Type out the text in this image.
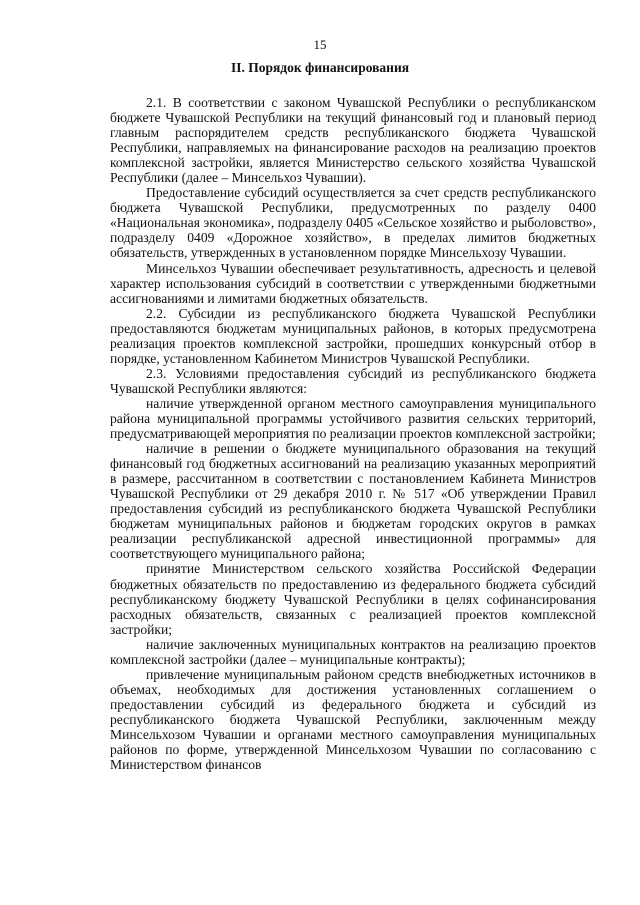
15
II. Порядок финансирования

2.1. В соответствии с законом Чувашской Республики о республиканском бюджете Чувашской Республики на текущий финансовый год и плановый период главным распорядителем средств республиканского бюджета Чувашской Республики, направляемых на финансирование расходов на реализацию проектов комплексной застройки, является Министерство сельского хозяйства Чувашской Республики (далее – Минсельхоз Чувашии).

Предоставление субсидий осуществляется за счет средств республиканского бюджета Чувашской Республики, предусмотренных по разделу 0400 «Национальная экономика», подразделу 0405 «Сельское хозяйство и рыболовство», подразделу 0409 «Дорожное хозяйство», в пределах лимитов бюджетных обязательств, утвержденных в установленном порядке Минсельхозу Чувашии.

Минсельхоз Чувашии обеспечивает результативность, адресность и целевой характер использования субсидий в соответствии с утвержденными бюджетными ассигнованиями и лимитами бюджетных обязательств.

2.2. Субсидии из республиканского бюджета Чувашской Республики предоставляются бюджетам муниципальных районов, в которых предусмотрена реализация проектов комплексной застройки, прошедших конкурсный отбор в порядке, установленном Кабинетом Министров Чувашской Республики.

2.3. Условиями предоставления субсидий из республиканского бюджета Чувашской Республики являются:

наличие утвержденной органом местного самоуправления муниципального района муниципальной программы устойчивого развития сельских территорий, предусматривающей мероприятия по реализации проектов комплексной застройки;

наличие в решении о бюджете муниципального образования на текущий финансовый год бюджетных ассигнований на реализацию указанных мероприятий в размере, рассчитанном в соответствии с постановлением Кабинета Министров Чувашской Республики от 29 декабря 2010 г. № 517 «Об утверждении Правил предоставления субсидий из республиканского бюджета Чувашской Республики бюджетам муниципальных районов и бюджетам городских округов в рамках реализации республиканской адресной инвестиционной программы» для соответствующего муниципального района;

принятие Министерством сельского хозяйства Российской Федерации бюджетных обязательств по предоставлению из федерального бюджета субсидий республиканскому бюджету Чувашской Республики в целях софинансирования расходных обязательств, связанных с реализацией проектов комплексной застройки;

наличие заключенных муниципальных контрактов на реализацию проектов комплексной застройки (далее – муниципальные контракты);

привлечение муниципальным районом средств внебюджетных источников в объемах, необходимых для достижения установленных соглашением о предоставлении субсидий из федерального бюджета и субсидий из республиканского бюджета Чувашской Республики, заключенным между Минсельхозом Чувашии и органами местного самоуправления муниципальных районов по форме, утвержденной Минсельхозом Чувашии по согласованию с Министерством финансов
